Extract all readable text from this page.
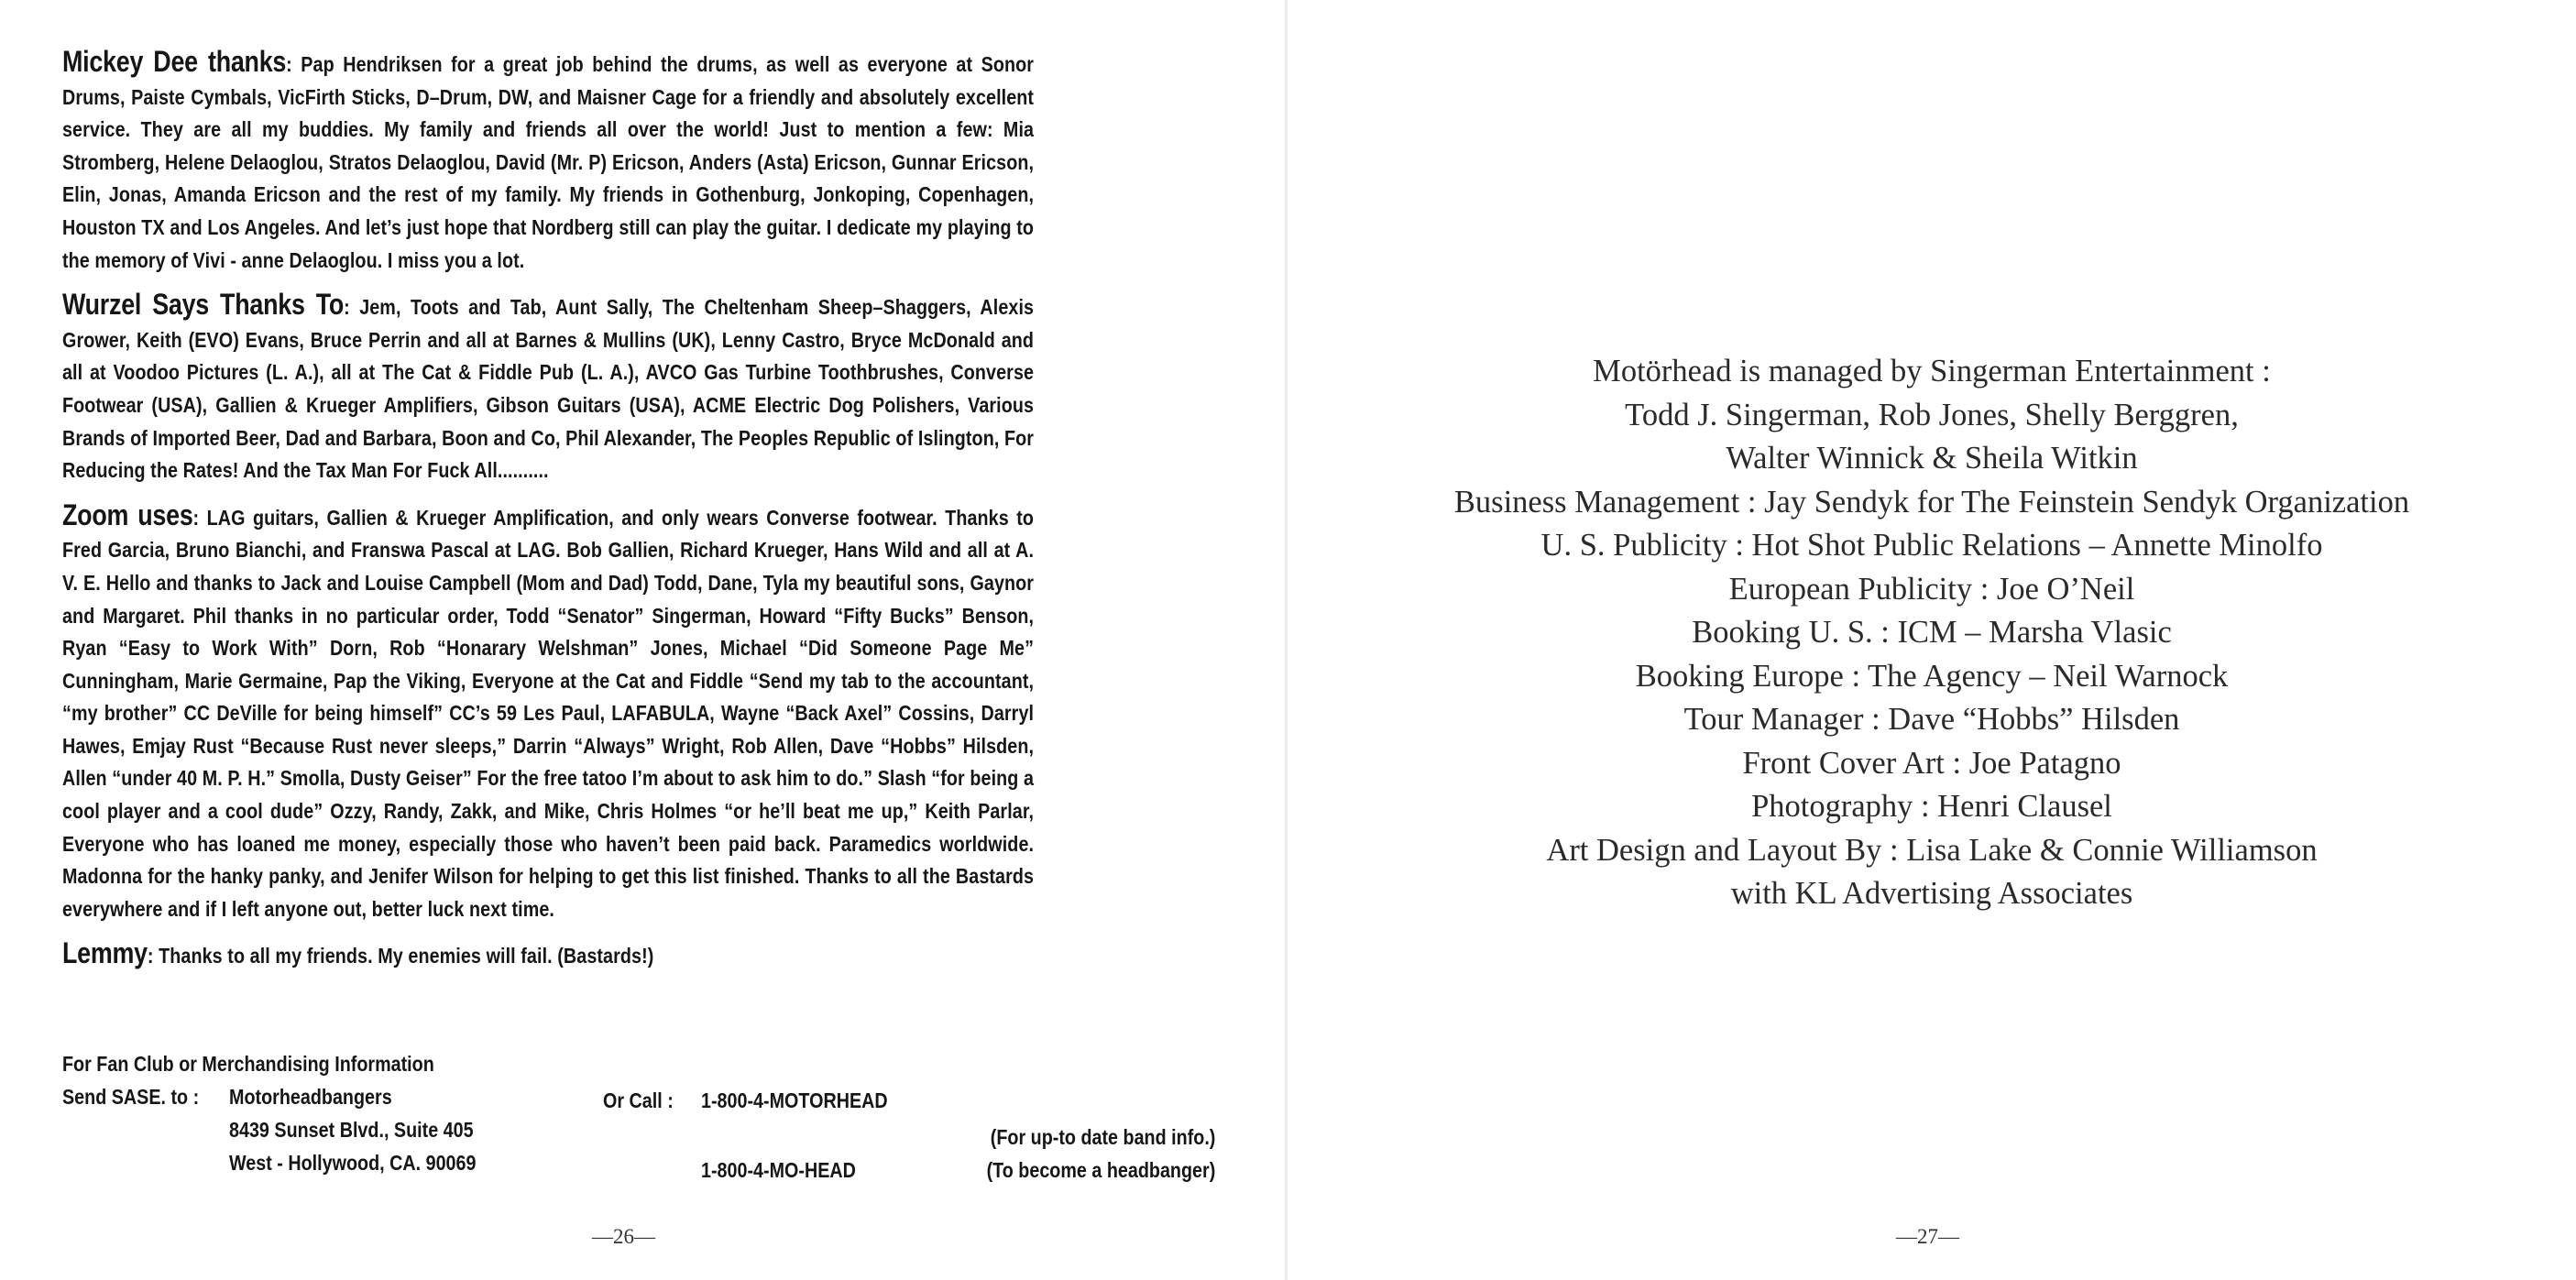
Mickey Dee thanks: Pap Hendriksen for a great job behind the drums, as well as everyone at Sonor Drums, Paiste Cymbals, VicFirth Sticks, D–Drum, DW, and Maisner Cage for a friendly and absolutely excellent service. They are all my buddies. My family and friends all over the world! Just to mention a few: Mia Stromberg, Helene Delaoglou, Stratos Delaoglou, David (Mr. P) Ericson, Anders (Asta) Ericson, Gunnar Ericson, Elin, Jonas, Amanda Ericson and the rest of my family. My friends in Gothenburg, Jonkoping, Copenhagen, Houston TX and Los Angeles. And let’s just hope that Nordberg still can play the guitar. I dedicate my playing to the memory of Vivi - anne Delaoglou. I miss you a lot.

Wurzel Says Thanks To: Jem, Toots and Tab, Aunt Sally, The Cheltenham Sheep–Shaggers, Alexis Grower, Keith (EVO) Evans, Bruce Perrin and all at Barnes & Mullins (UK), Lenny Castro, Bryce McDonald and all at Voodoo Pictures (L. A.), all at The Cat & Fiddle Pub (L. A.), AVCO Gas Turbine Toothbrushes, Converse Footwear (USA), Gallien & Krueger Amplifiers, Gibson Guitars (USA), ACME Electric Dog Polishers, Various Brands of Imported Beer, Dad and Barbara, Boon and Co, Phil Alexander, The Peoples Republic of Islington, For Reducing the Rates! And the Tax Man For Fuck All..........

Zoom uses: LAG guitars, Gallien & Krueger Amplification, and only wears Converse footwear. Thanks to Fred Garcia, Bruno Bianchi, and Franswa Pascal at LAG. Bob Gallien, Richard Krueger, Hans Wild and all at A. V. E. Hello and thanks to Jack and Louise Campbell (Mom and Dad) Todd, Dane, Tyla my beautiful sons, Gaynor and Margaret. Phil thanks in no particular order, Todd “Senator” Singerman, Howard “Fifty Bucks” Benson, Ryan “Easy to Work With” Dorn, Rob “Honarary Welshman” Jones, Michael “Did Someone Page Me” Cunningham, Marie Germaine, Pap the Viking, Everyone at the Cat and Fiddle “Send my tab to the accountant, “my brother” CC DeVille for being himself” CC’s 59 Les Paul, LAFABULA, Wayne “Back Axel” Cossins, Darryl Hawes, Emjay Rust “Because Rust never sleeps,” Darrin “Always” Wright, Rob Allen, Dave “Hobbs” Hilsden, Allen “under 40 M. P. H.” Smolla, Dusty Geiser” For the free tatoo I’m about to ask him to do.” Slash “for being a cool player and a cool dude” Ozzy, Randy, Zakk, and Mike, Chris Holmes “or he’ll beat me up,” Keith Parlar, Everyone who has loaned me money, especially those who haven’t been paid back. Paramedics worldwide. Madonna for the hanky panky, and Jenifer Wilson for helping to get this list finished. Thanks to all the Bastards everywhere and if I left anyone out, better luck next time.

Lemmy: Thanks to all my friends. My enemies will fail. (Bastards!)

For Fan Club or Merchandising Information
Send SASE. to : Motorheadbangers
8439 Sunset Blvd., Suite 405
West - Hollywood, CA. 90069
Or Call : 1-800-4-MOTORHEAD
(For up-to date band info.)
1-800-4-MO-HEAD	(To become a headbanger)
—26—
Motörhead is managed by Singerman Entertainment :
Todd J. Singerman, Rob Jones, Shelly Berggren,
Walter Winnick & Sheila Witkin
Business Management : Jay Sendyk for The Feinstein Sendyk Organization
U. S. Publicity : Hot Shot Public Relations – Annette Minolfo
European Publicity : Joe O’Neil
Booking U. S. : ICM – Marsha Vlasic
Booking Europe : The Agency – Neil Warnock
Tour Manager : Dave “Hobbs” Hilsden
Front Cover Art : Joe Patagno
Photography : Henri Clausel
Art Design and Layout By : Lisa Lake & Connie Williamson
with KL Advertising Associates
—27—
